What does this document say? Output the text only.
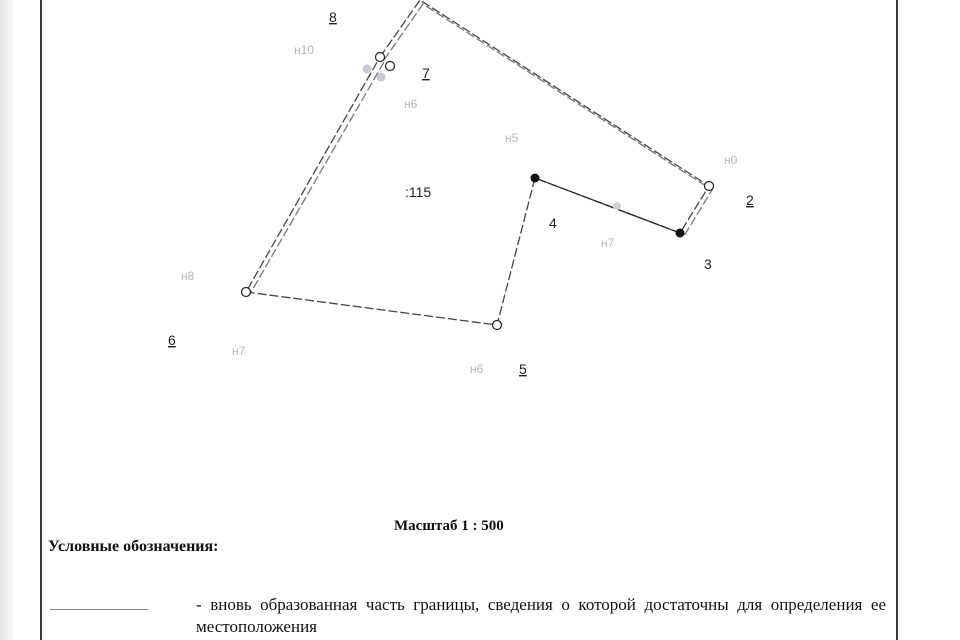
8
7
2
3
4
5
6
:115
н10
н6
н5
н0
н8
н7
н7
н6
Масштаб 1 : 500
Условные обозначения:
- вновь образованная часть границы, сведения о которой достаточны для определения ее местоположения
